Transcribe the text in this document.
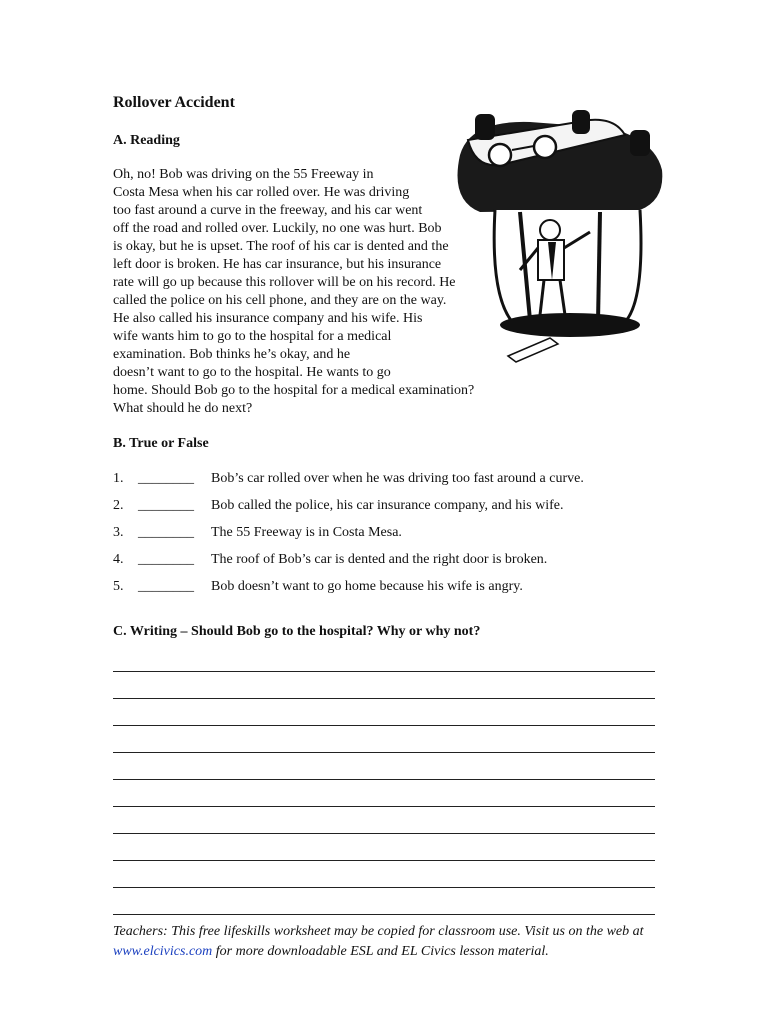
Rollover Accident
A. Reading
Oh, no! Bob was driving on the 55 Freeway in
Costa Mesa when his car rolled over. He was driving
too fast around a curve in the freeway, and his car went
off the road and rolled over. Luckily, no one was hurt. Bob
is okay, but he is upset. The roof of his car is dented and the
left door is broken. He has car insurance, but his insurance
rate will go up because this rollover will be on his record. He
called the police on his cell phone, and they are on the way.
He also called his insurance company and his wife. His
wife wants him to go to the hospital for a medical
examination. Bob thinks he’s okay, and he
doesn’t want to go to the hospital. He wants to go
home. Should Bob go to the hospital for a medical examination?
What should he do next?
B. True or False
1. ________ Bob’s car rolled over when he was driving too fast around a curve.
2. ________ Bob called the police, his car insurance company, and his wife.
3. ________ The 55 Freeway is in Costa Mesa.
4. ________ The roof of Bob’s car is dented and the right door is broken.
5. ________ Bob doesn’t want to go home because his wife is angry.
C. Writing – Should Bob go to the hospital? Why or why not?
Teachers: This free lifeskills worksheet may be copied for classroom use. Visit us on the web at www.elcivics.com for more downloadable ESL and EL Civics lesson material.
